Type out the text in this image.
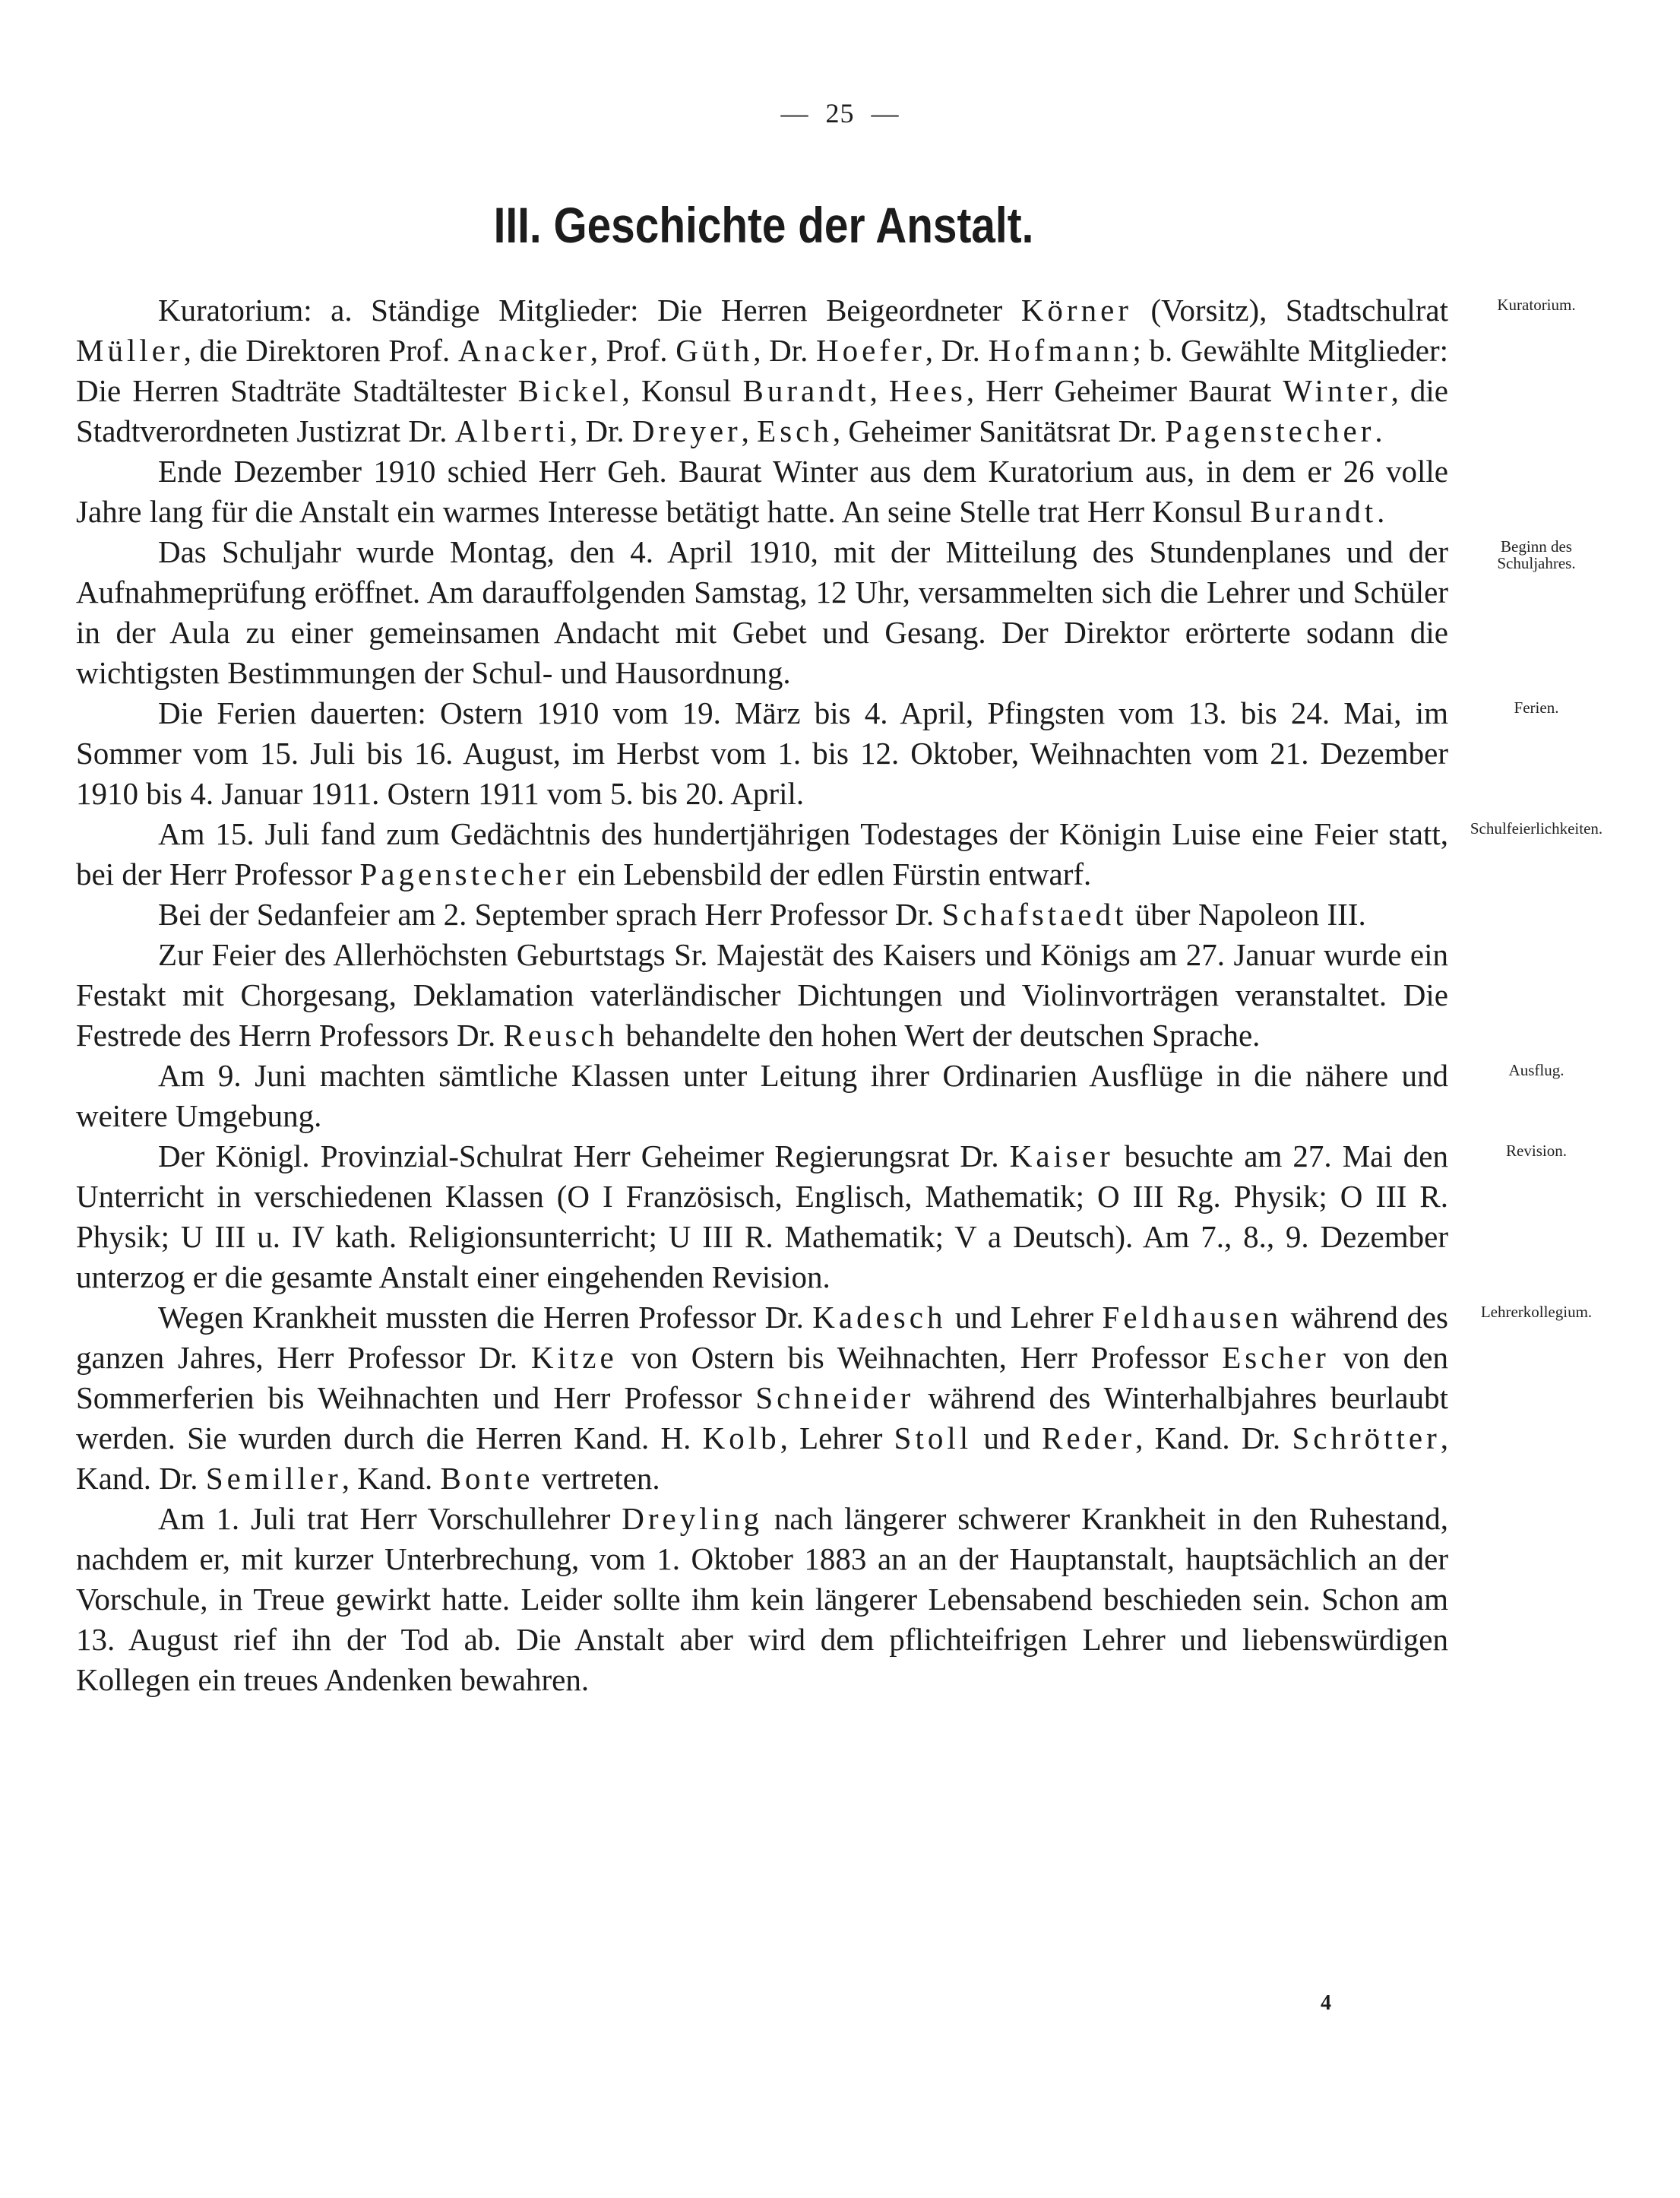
— 25 —
III. Geschichte der Anstalt.

Kuratorium: a. Ständige Mitglieder: Die Herren Beigeordneter Körner (Vorsitz), Stadtschulrat Müller, die Direktoren Prof. Anacker, Prof. Güth, Dr. Hoefer, Dr. Hofmann; b. Gewählte Mitglieder: Die Herren Stadträte Stadtältester Bickel, Konsul Burandt, Hees, Herr Geheimer Baurat Winter, die Stadtverordneten Justizrat Dr. Alberti, Dr. Dreyer, Esch, Geheimer Sanitätsrat Dr. Pagenstecher.

Ende Dezember 1910 schied Herr Geh. Baurat Winter aus dem Kuratorium aus, in dem er 26 volle Jahre lang für die Anstalt ein warmes Interesse betätigt hatte. An seine Stelle trat Herr Konsul Burandt.

Das Schuljahr wurde Montag, den 4. April 1910, mit der Mitteilung des Stundenplanes und der Aufnahmeprüfung eröffnet. Am darauffolgenden Samstag, 12 Uhr, versammelten sich die Lehrer und Schüler in der Aula zu einer gemeinsamen Andacht mit Gebet und Gesang. Der Direktor erörterte sodann die wichtigsten Bestimmungen der Schul- und Hausordnung.

Die Ferien dauerten: Ostern 1910 vom 19. März bis 4. April, Pfingsten vom 13. bis 24. Mai, im Sommer vom 15. Juli bis 16. August, im Herbst vom 1. bis 12. Oktober, Weihnachten vom 21. Dezember 1910 bis 4. Januar 1911. Ostern 1911 vom 5. bis 20. April.

Am 15. Juli fand zum Gedächtnis des hundertjährigen Todestages der Königin Luise eine Feier statt, bei der Herr Professor Pagenstecher ein Lebensbild der edlen Fürstin entwarf.

Bei der Sedanfeier am 2. September sprach Herr Professor Dr. Schafstaedt über Napoleon III.

Zur Feier des Allerhöchsten Geburtstags Sr. Majestät des Kaisers und Königs am 27. Januar wurde ein Festakt mit Chorgesang, Deklamation vaterländischer Dichtungen und Violinvorträgen veranstaltet. Die Festrede des Herrn Professors Dr. Reusch behandelte den hohen Wert der deutschen Sprache.

Am 9. Juni machten sämtliche Klassen unter Leitung ihrer Ordinarien Ausflüge in die nähere und weitere Umgebung.

Der Königl. Provinzial-Schulrat Herr Geheimer Regierungsrat Dr. Kaiser besuchte am 27. Mai den Unterricht in verschiedenen Klassen (O I Französisch, Englisch, Mathematik; O III Rg. Physik; O III R. Physik; U III u. IV kath. Religionsunterricht; U III R. Mathematik; V a Deutsch). Am 7., 8., 9. Dezember unterzog er die gesamte Anstalt einer eingehenden Revision.

Wegen Krankheit mussten die Herren Professor Dr. Kadesch und Lehrer Feldhausen während des ganzen Jahres, Herr Professor Dr. Kitze von Ostern bis Weihnachten, Herr Professor Escher von den Sommerferien bis Weihnachten und Herr Professor Schneider während des Winterhalbjahres beurlaubt werden. Sie wurden durch die Herren Kand. H. Kolb, Lehrer Stoll und Reder, Kand. Dr. Schrötter, Kand. Dr. Semiller, Kand. Bonte vertreten.

Am 1. Juli trat Herr Vorschullehrer Dreyling nach längerer schwerer Krankheit in den Ruhestand, nachdem er, mit kurzer Unterbrechung, vom 1. Oktober 1883 an an der Hauptanstalt, hauptsächlich an der Vorschule, in Treue gewirkt hatte. Leider sollte ihm kein längerer Lebensabend beschieden sein. Schon am 13. August rief ihn der Tod ab. Die Anstalt aber wird dem pflichteifrigen Lehrer und liebenswürdigen Kollegen ein treues Andenken bewahren.

Kuratorium.
Beginn des Schuljahres.
Ferien.
Schulfeierlichkeiten.
Ausflug.
Revision.
Lehrerkollegium.
4
